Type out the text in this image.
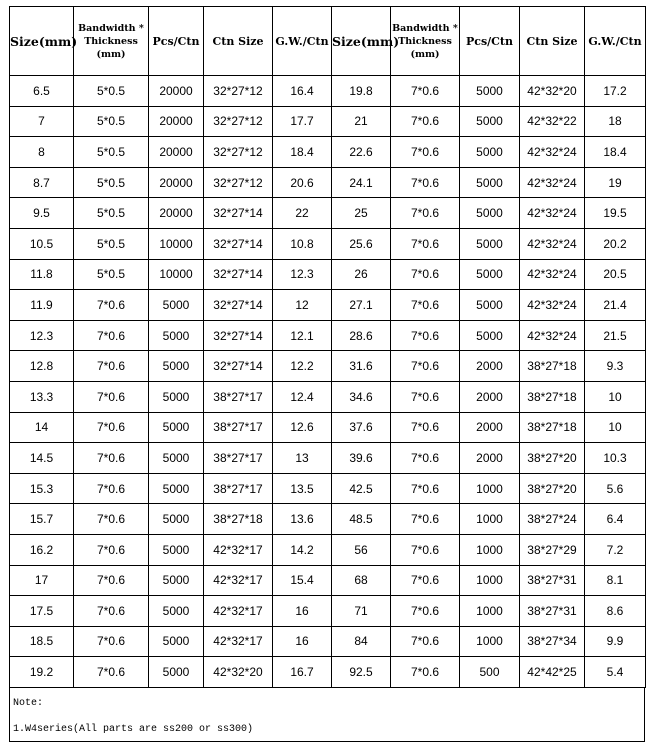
Size(mm)	Bandwidth *
Thickness
(mm)	Pcs/Ctn	Ctn Size	G.W./Ctn	Size(mm)	Bandwidth *
Thickness
(mm)	Pcs/Ctn	Ctn Size	G.W./Ctn
6.5	5*0.5	20000	32*27*12	16.4	19.8	7*0.6	5000	42*32*20	17.2
7	5*0.5	20000	32*27*12	17.7	21	7*0.6	5000	42*32*22	18
8	5*0.5	20000	32*27*12	18.4	22.6	7*0.6	5000	42*32*24	18.4
8.7	5*0.5	20000	32*27*12	20.6	24.1	7*0.6	5000	42*32*24	19
9.5	5*0.5	20000	32*27*14	22	25	7*0.6	5000	42*32*24	19.5
10.5	5*0.5	10000	32*27*14	10.8	25.6	7*0.6	5000	42*32*24	20.2
11.8	5*0.5	10000	32*27*14	12.3	26	7*0.6	5000	42*32*24	20.5
11.9	7*0.6	5000	32*27*14	12	27.1	7*0.6	5000	42*32*24	21.4
12.3	7*0.6	5000	32*27*14	12.1	28.6	7*0.6	5000	42*32*24	21.5
12.8	7*0.6	5000	32*27*14	12.2	31.6	7*0.6	2000	38*27*18	9.3
13.3	7*0.6	5000	38*27*17	12.4	34.6	7*0.6	2000	38*27*18	10
14	7*0.6	5000	38*27*17	12.6	37.6	7*0.6	2000	38*27*18	10
14.5	7*0.6	5000	38*27*17	13	39.6	7*0.6	2000	38*27*20	10.3
15.3	7*0.6	5000	38*27*17	13.5	42.5	7*0.6	1000	38*27*20	5.6
15.7	7*0.6	5000	38*27*18	13.6	48.5	7*0.6	1000	38*27*24	6.4
16.2	7*0.6	5000	42*32*17	14.2	56	7*0.6	1000	38*27*29	7.2
17	7*0.6	5000	42*32*17	15.4	68	7*0.6	1000	38*27*31	8.1
17.5	7*0.6	5000	42*32*17	16	71	7*0.6	1000	38*27*31	8.6
18.5	7*0.6	5000	42*32*17	16	84	7*0.6	1000	38*27*34	9.9
19.2	7*0.6	5000	42*32*20	16.7	92.5	7*0.6	500	42*42*25	5.4
Note:
1.W4series(All parts are ss200 or ss300)
